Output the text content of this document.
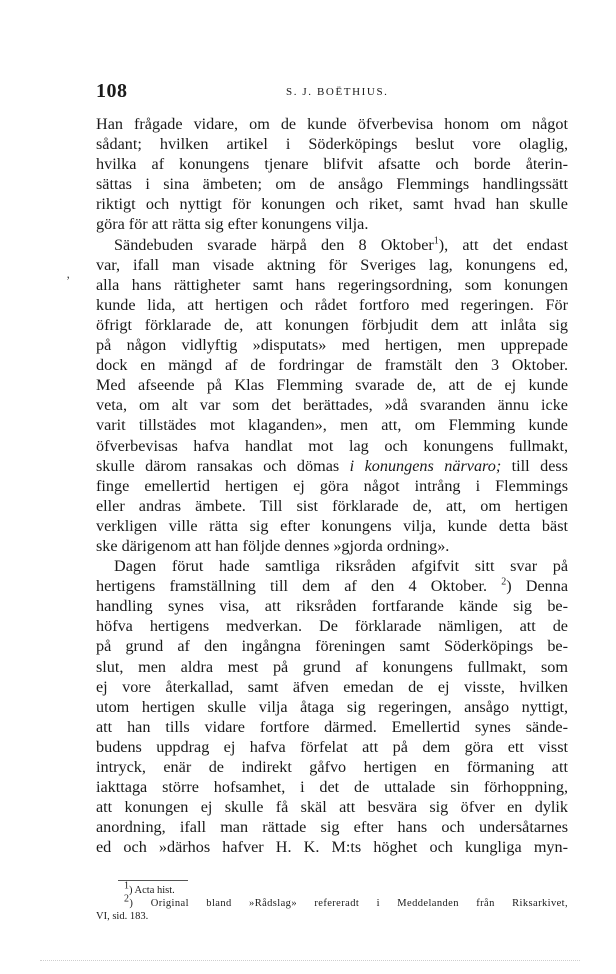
108	S. J. BOËTHIUS.
‚
Han frågade vidare, om de kunde öfverbevisa honom om något
sådant; hvilken artikel i Söderköpings beslut vore olaglig,
hvilka af konungens tjenare blifvit afsatte och borde återin-
sättas i sina ämbeten; om de ansågo Flemmings handlingssätt
riktigt och nyttigt för konungen och riket, samt hvad han skulle
göra för att rätta sig efter konungens vilja.
Sändebuden svarade härpå den 8 Oktober$^1$), att det endast
var, ifall man visade aktning för Sveriges lag, konungens ed,
alla hans rättigheter samt hans regeringsordning, som konungen
kunde lida, att hertigen och rådet fortforo med regeringen. För
öfrigt förklarade de, att konungen förbjudit dem att inlåta sig
på någon vidlyftig »disputats» med hertigen, men upprepade
dock en mängd af de fordringar de framstält den 3 Oktober.
Med afseende på Klas Flemming svarade de, att de ej kunde
veta, om alt var som det berättades, »då svaranden ännu icke
varit tillstädes mot klaganden», men att, om Flemming kunde
öfverbevisas hafva handlat mot lag och konungens fullmakt,
skulle därom ransakas och dömas i konungens närvaro; till dess
finge emellertid hertigen ej göra något intrång i Flemmings
eller andras ämbete. Till sist förklarade de, att, om hertigen
verkligen ville rätta sig efter konungens vilja, kunde detta bäst
ske därigenom att han följde dennes »gjorda ordning».
Dagen förut hade samtliga riksråden afgifvit sitt svar på
hertigens framställning till dem af den 4 Oktober. $^2$) Denna
handling synes visa, att riksråden fortfarande kände sig be-
höfva hertigens medverkan. De förklarade nämligen, att de
på grund af den ingångna föreningen samt Söderköpings be-
slut, men aldra mest på grund af konungens fullmakt, som
ej vore återkallad, samt äfven emedan de ej visste, hvilken
utom hertigen skulle vilja åtaga sig regeringen, ansågo nyttigt,
att han tills vidare fortfore därmed. Emellertid synes sände-
budens uppdrag ej hafva förfelat att på dem göra ett visst
intryck, enär de indirekt gåfvo hertigen en förmaning att
iakttaga större hofsamhet, i det de uttalade sin förhoppning,
att konungen ej skulle få skäl att besvära sig öfver en dylik
anordning, ifall man rättade sig efter hans och undersåtarnes
ed och »därhos hafver H. K. M:ts höghet och kungliga myn-
$^1$) Acta hist.
$^2$) Original bland »Rådslag» refereradt i Meddelanden från Riksarkivet,
VI, sid. 183.
